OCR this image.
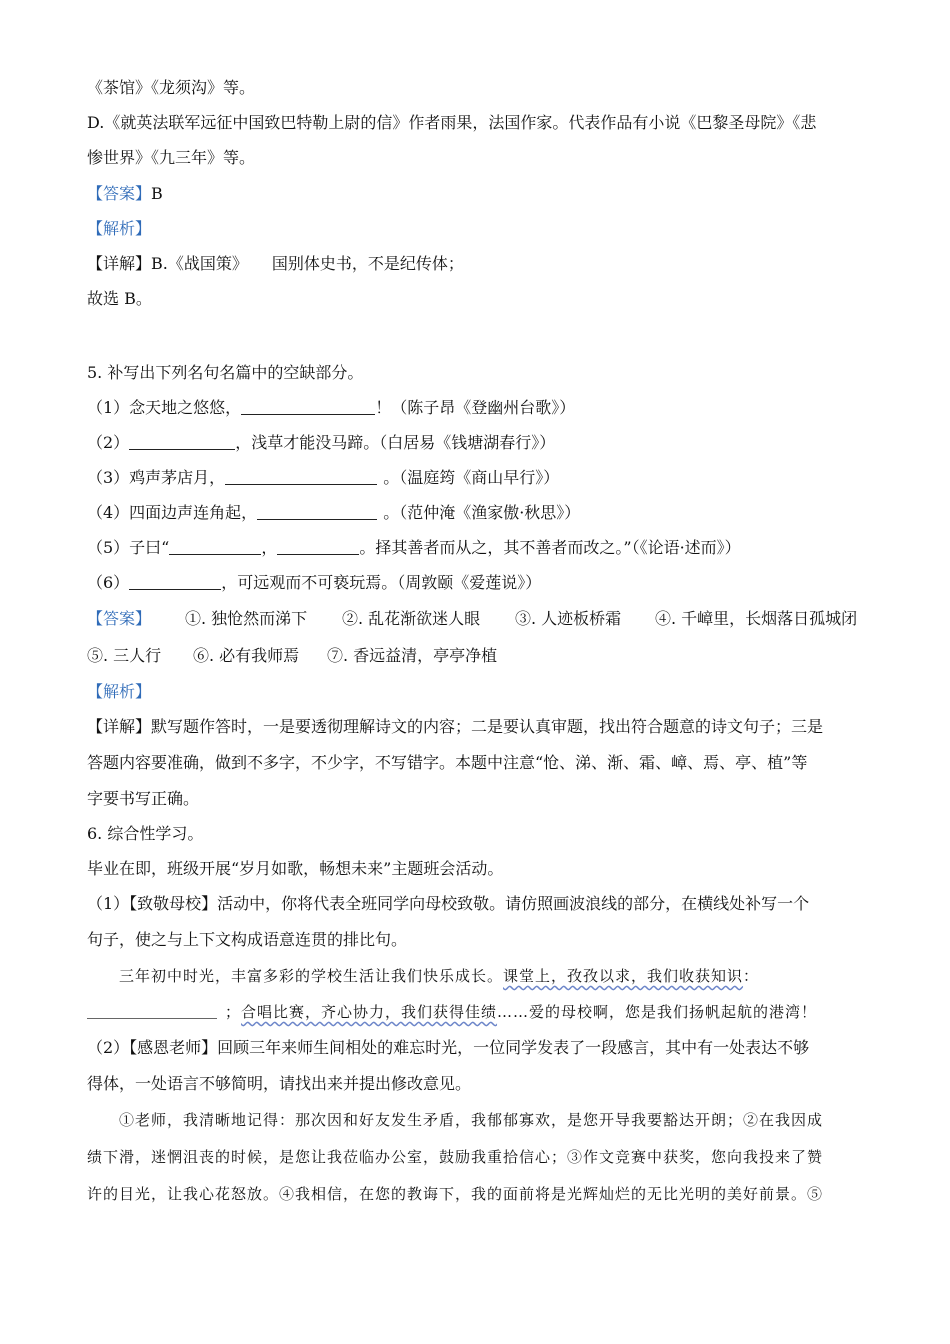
《茶馆》《龙须沟》等。
D.《就英法联军远征中国致巴特勒上尉的信》作者雨果，法国作家。代表作品有小说《巴黎圣母院》《悲
惨世界》《九三年》等。
【答案】B
【解析】
【详解】B.《战国策》 国别体史书，不是纪传体；
故选 B。
5. 补写出下列名句名篇中的空缺部分。
（1）念天地之悠悠，	！（陈子昂《登幽州台歌》）
（2）	，浅草才能没马蹄。（白居易《钱塘湖春行》）
（3）鸡声茅店月，	。（温庭筠《商山早行》）
（4）四面边声连角起，	。（范仲淹《渔家傲·秋思》）
（5）子曰“	，	。择其善者而从之，其不善者而改之。”（《论语·述而》）
（6）	，可远观而不可亵玩焉。（周敦颐《爱莲说》）
【答案】 ①. 独怆然而涕下 ②. 乱花渐欲迷人眼 ③. 人迹板桥霜 ④. 千嶂里，长烟落日孤城闭
⑤. 三人行 ⑥. 必有我师焉 ⑦. 香远益清，亭亭净植
【解析】
【详解】默写题作答时，一是要透彻理解诗文的内容；二是要认真审题，找出符合题意的诗文句子；三是
答题内容要准确，做到不多字，不少字，不写错字。本题中注意“怆、涕、渐、霜、嶂、焉、亭、植”等
字要书写正确。
6. 综合性学习。
毕业在即，班级开展“岁月如歌，畅想未来”主题班会活动。
（1）【致敬母校】活动中，你将代表全班同学向母校致敬。请仿照画波浪线的部分，在横线处补写一个
句子，使之与上下文构成语意连贯的排比句。
三年初中时光，丰富多彩的学校生活让我们快乐成长。课堂上，孜孜以求，我们收获知识：
；合唱比赛，齐心协力，我们获得佳绩……爱的母校啊，您是我们扬帆起航的港湾！
（2）【感恩老师】回顾三年来师生间相处的难忘时光，一位同学发表了一段感言，其中有一处表达不够
得体，一处语言不够简明，请找出来并提出修改意见。
①老师，我清晰地记得：那次因和好友发生矛盾，我郁郁寡欢，是您开导我要豁达开朗；②在我因成
绩下滑，迷惘沮丧的时候，是您让我莅临办公室，鼓励我重拾信心；③作文竞赛中获奖，您向我投来了赞
许的目光，让我心花怒放。④我相信，在您的教诲下，我的面前将是光辉灿烂的无比光明的美好前景。⑤
